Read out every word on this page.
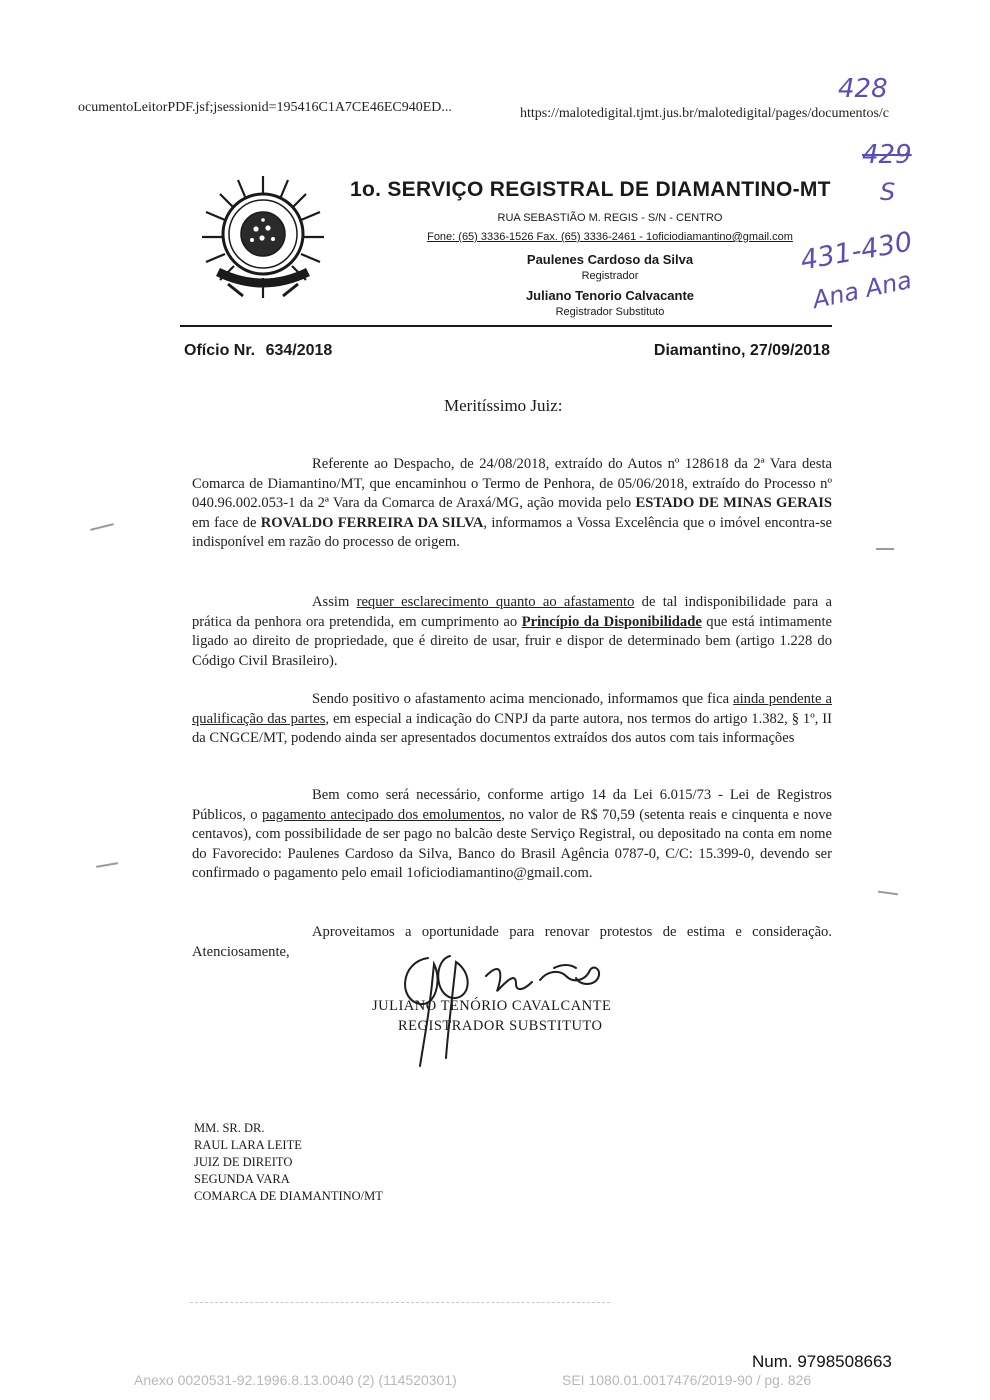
ocumentoLeitorPDF.jsf;jsessionid=195416C1A7CE46EC940ED...	https://malotedigital.tjmt.jus.br/malotedigital/pages/documentos/c
428
429
S
431-430
Ana Ana
1o. SERVIÇO REGISTRAL DE DIAMANTINO-MT
RUA SEBASTIÃO M. REGIS - S/N - CENTRO
Fone: (65) 3336-1526 Fax. (65) 3336-2461 - 1oficiodiamantino@gmail.com
Paulenes Cardoso da Silva
Registrador
Juliano Tenorio Calvacante
Registrador Substituto
Ofício Nr. 634/2018	Diamantino, 27/09/2018
Meritíssimo Juiz:
Referente ao Despacho, de 24/08/2018, extraído do Autos nº 128618 da 2ª Vara desta Comarca de Diamantino/MT, que encaminhou o Termo de Penhora, de 05/06/2018, extraído do Processo nº 040.96.002.053-1 da 2ª Vara da Comarca de Araxá/MG, ação movida pelo ESTADO DE MINAS GERAIS em face de ROVALDO FERREIRA DA SILVA, informamos a Vossa Excelência que o imóvel encontra-se indisponível em razão do processo de origem.
Assim requer esclarecimento quanto ao afastamento de tal indisponibilidade para a prática da penhora ora pretendida, em cumprimento ao Princípio da Disponibilidade que está intimamente ligado ao direito de propriedade, que é direito de usar, fruir e dispor de determinado bem (artigo 1.228 do Código Civil Brasileiro).
Sendo positivo o afastamento acima mencionado, informamos que fica ainda pendente a qualificação das partes, em especial a indicação do CNPJ da parte autora, nos termos do artigo 1.382, § 1º, II da CNGCE/MT, podendo ainda ser apresentados documentos extraídos dos autos com tais informações
Bem como será necessário, conforme artigo 14 da Lei 6.015/73 - Lei de Registros Públicos, o pagamento antecipado dos emolumentos, no valor de R$ 70,59 (setenta reais e cinquenta e nove centavos), com possibilidade de ser pago no balcão deste Serviço Registral, ou depositado na conta em nome do Favorecido: Paulenes Cardoso da Silva, Banco do Brasil Agência 0787-0, C/C: 15.399-0, devendo ser confirmado o pagamento pelo email 1oficiodiamantino@gmail.com.
Aproveitamos a oportunidade para renovar protestos de estima e consideração. Atenciosamente,
JULIANO TENÓRIO CAVALCANTE
REGISTRADOR SUBSTITUTO
MM. SR. DR.
RAUL LARA LEITE
JUIZ DE DIREITO
SEGUNDA VARA
COMARCA DE DIAMANTINO/MT
Num. 9798508663
Anexo 0020531-92.1996.8.13.0040 (2) (114520301)	SEI 1080.01.0017476/2019-90 / pg. 826
